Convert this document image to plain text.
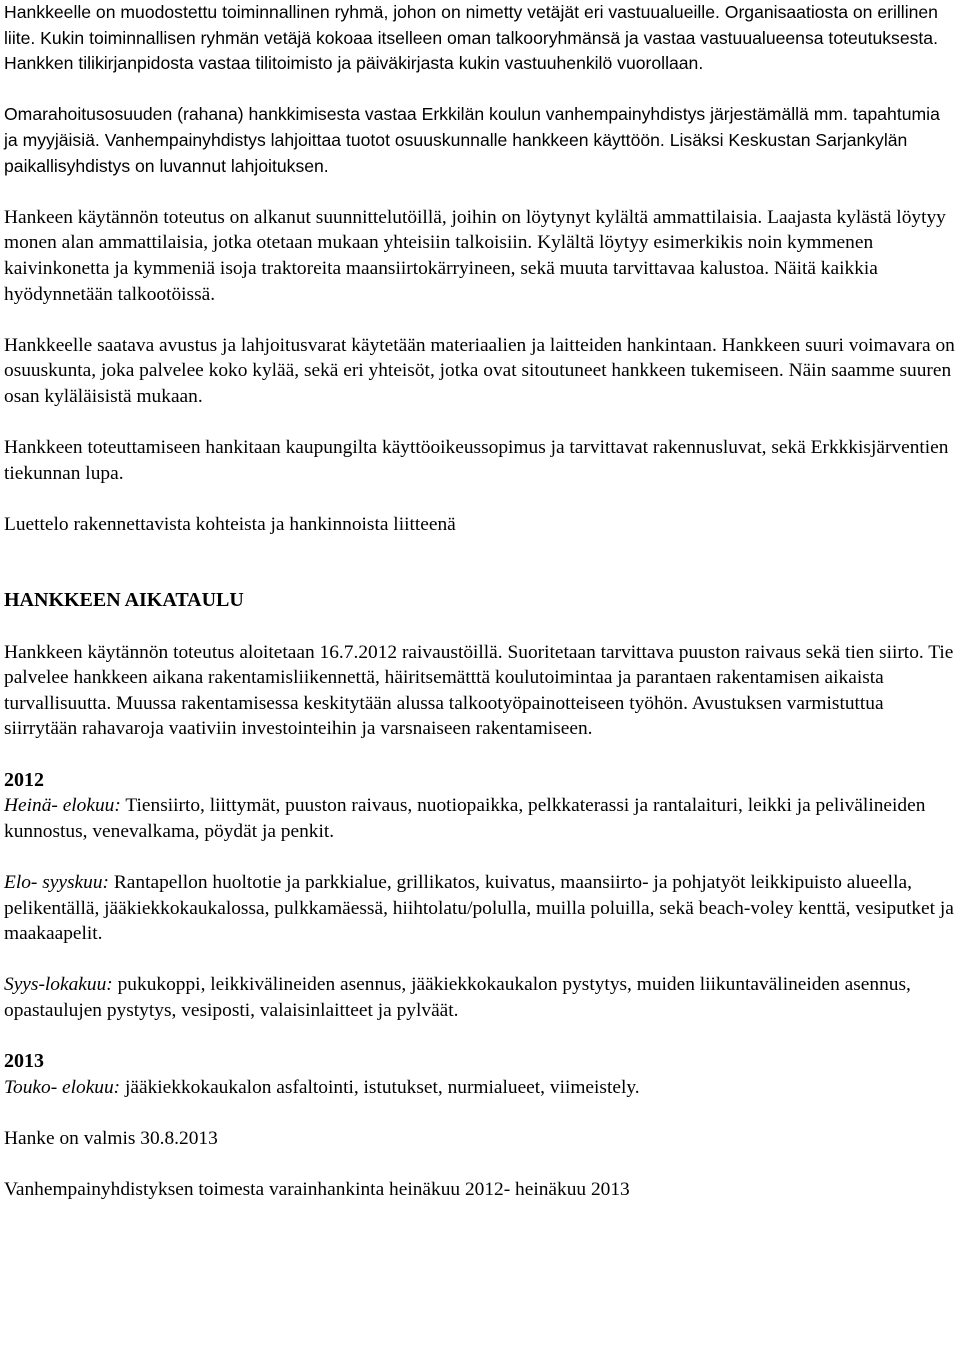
Hankkeelle on muodostettu toiminnallinen ryhmä, johon on nimetty vetäjät eri vastuualueille. Organisaatiosta on erillinen liite. Kukin toiminnallisen ryhmän vetäjä kokoaa itselleen oman talkooryhmänsä ja vastaa vastuualueensa toteutuksesta. Hankken tilikirjanpidosta vastaa tilitoimisto ja päiväkirjasta kukin vastuuhenkilö vuorollaan.

Omarahoitusosuuden (rahana) hankkimisesta vastaa Erkkilän koulun vanhempainyhdistys järjestämällä mm. tapahtumia ja myyjäisiä. Vanhempainyhdistys lahjoittaa tuotot osuuskunnalle hankkeen käyttöön. Lisäksi Keskustan Sarjankylän paikallisyhdistys on luvannut lahjoituksen.

Hankeen käytännön toteutus on alkanut suunnittelutöillä, joihin on löytynyt kylältä ammattilaisia. Laajasta kylästä löytyy monen alan ammattilaisia, jotka otetaan mukaan yhteisiin talkoisiin. Kylältä löytyy esimerkikis noin kymmenen kaivinkonetta ja kymmeniä isoja traktoreita maansiirtokärryineen, sekä muuta tarvittavaa kalustoa. Näitä kaikkia hyödynnetään talkootöissä.

Hankkeelle saatava avustus ja lahjoitusvarat käytetään materiaalien ja laitteiden hankintaan. Hankkeen suuri voimavara on osuuskunta, joka palvelee koko kylää, sekä eri yhteisöt, jotka ovat sitoutuneet hankkeen tukemiseen. Näin saamme suuren osan kyläläisistä mukaan.

Hankkeen toteuttamiseen hankitaan kaupungilta käyttöoikeussopimus ja tarvittavat rakennusluvat, sekä Erkkkisjärventien tiekunnan lupa.

Luettelo rakennettavista kohteista ja hankinnoista liitteenä

HANKKEEN AIKATAULU

Hankkeen käytännön toteutus aloitetaan 16.7.2012 raivaustöillä. Suoritetaan tarvittava puuston raivaus sekä tien siirto. Tie palvelee hankkeen aikana rakentamisliikennettä, häiritsemätttä koulutoimintaa ja parantaen rakentamisen aikaista turvallisuutta. Muussa rakentamisessa keskitytään alussa talkootyöpainotteiseen työhön. Avustuksen varmistuttua siirrytään rahavaroja vaativiin investointeihin ja varsnaiseen rakentamiseen.

2012

Heinä- elokuu: Tiensiirto, liittymät, puuston raivaus, nuotiopaikka, pelkkaterassi ja rantalaituri, leikki ja pelivälineiden kunnostus, venevalkama, pöydät ja penkit.

Elo- syyskuu: Rantapellon huoltotie ja parkkialue, grillikatos, kuivatus, maansiirto- ja pohjatyöt leikkipuisto alueella, pelikentällä, jääkiekkokaukalossa, pulkkamäessä, hiihtolatu/polulla, muilla poluilla, sekä beach-voley kenttä, vesiputket ja maakaapelit.

Syys-lokakuu: pukukoppi, leikkivälineiden asennus, jääkiekkokaukalon pystytys, muiden liikuntavälineiden asennus, opastaulujen pystytys, vesiposti, valaisinlaitteet ja pylväät.

2013

Touko- elokuu: jääkiekkokaukalon asfaltointi, istutukset, nurmialueet, viimeistely.

Hanke on valmis 30.8.2013

Vanhempainyhdistyksen toimesta varainhankinta heinäkuu 2012- heinäkuu 2013
